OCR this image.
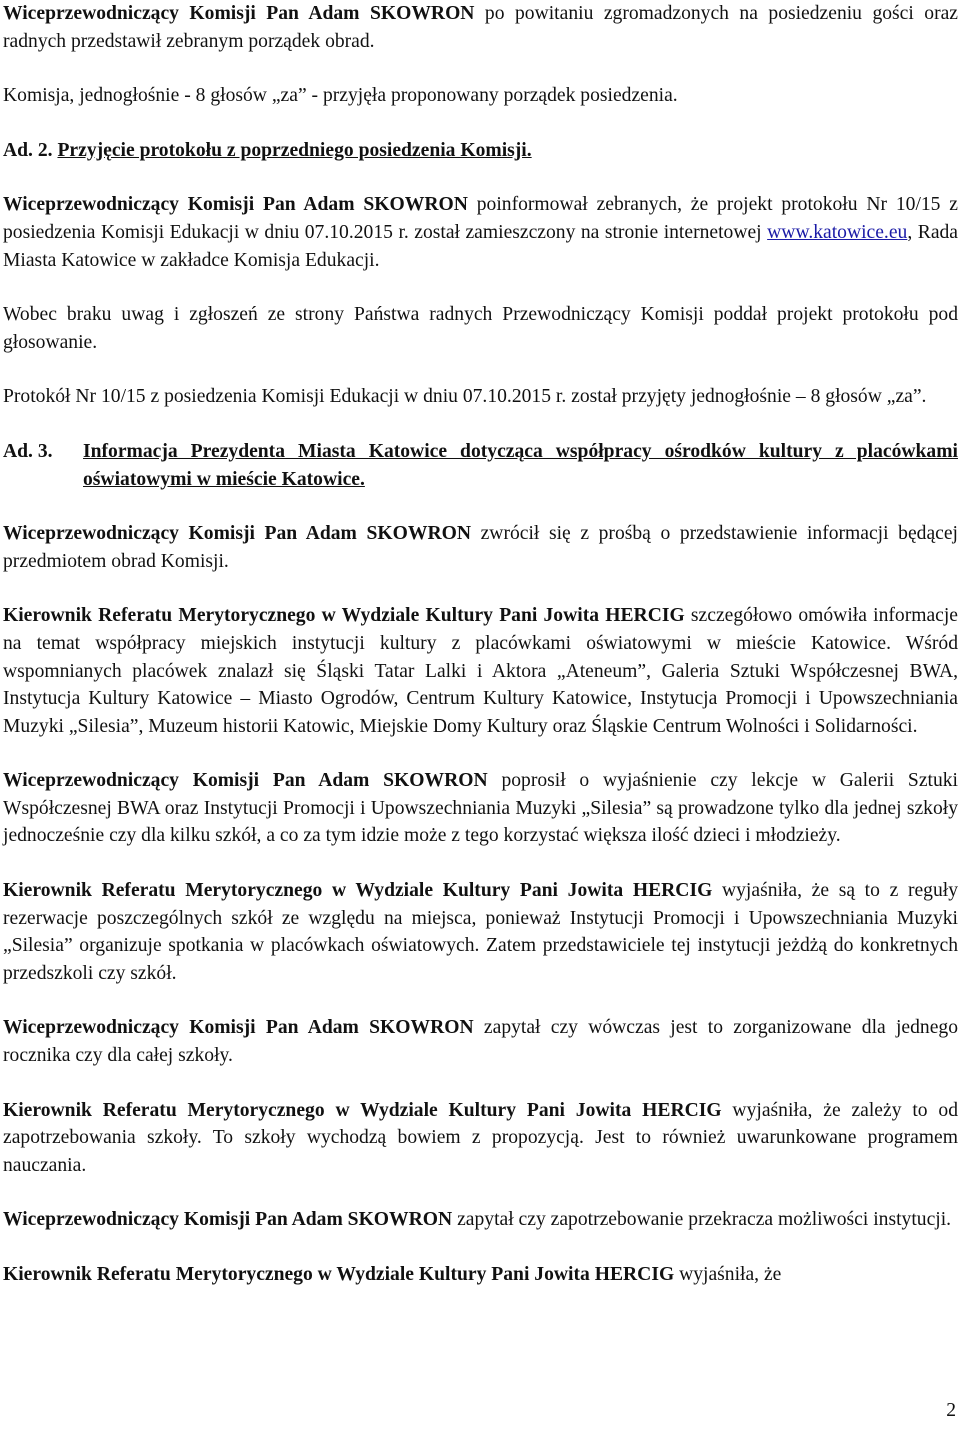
Wiceprzewodniczący Komisji Pan Adam SKOWRON po powitaniu zgromadzonych na posiedzeniu gości oraz radnych przedstawił zebranym porządek obrad.

Komisja, jednogłośnie - 8 głosów „za” - przyjęła proponowany porządek posiedzenia.

Ad. 2. Przyjęcie protokołu z poprzedniego posiedzenia Komisji.

Wiceprzewodniczący Komisji Pan Adam SKOWRON poinformował zebranych, że projekt protokołu Nr 10/15 z posiedzenia Komisji Edukacji w dniu 07.10.2015 r. został zamieszczony na stronie internetowej www.katowice.eu, Rada Miasta Katowice w zakładce Komisja Edukacji.

Wobec braku uwag i zgłoszeń ze strony Państwa radnych Przewodniczący Komisji poddał projekt protokołu pod głosowanie.

Protokół Nr 10/15 z posiedzenia Komisji Edukacji w dniu 07.10.2015 r. został przyjęty jednogłośnie – 8 głosów „za”.

Ad. 3.	Informacja Prezydenta Miasta Katowice dotycząca współpracy ośrodków kultury z placówkami oświatowymi w mieście Katowice.

Wiceprzewodniczący Komisji Pan Adam SKOWRON zwrócił się z prośbą o przedstawienie informacji będącej przedmiotem obrad Komisji.

Kierownik Referatu Merytorycznego w Wydziale Kultury Pani Jowita HERCIG szczegółowo omówiła informacje na temat współpracy miejskich instytucji kultury z placówkami oświatowymi w mieście Katowice. Wśród wspomnianych placówek znalazł się Śląski Tatar Lalki i Aktora „Ateneum”, Galeria Sztuki Współczesnej BWA, Instytucja Kultury Katowice – Miasto Ogrodów, Centrum Kultury Katowice, Instytucja Promocji i Upowszechniania Muzyki „Silesia”, Muzeum historii Katowic, Miejskie Domy Kultury oraz Śląskie Centrum Wolności i Solidarności.

Wiceprzewodniczący Komisji Pan Adam SKOWRON poprosił o wyjaśnienie czy lekcje w Galerii Sztuki Współczesnej BWA oraz Instytucji Promocji i Upowszechniania Muzyki „Silesia” są prowadzone tylko dla jednej szkoły jednocześnie czy dla kilku szkół, a co za tym idzie może z tego korzystać większa ilość dzieci i młodzieży.

Kierownik Referatu Merytorycznego w Wydziale Kultury Pani Jowita HERCIG wyjaśniła, że są to z reguły rezerwacje poszczególnych szkół ze względu na miejsca, ponieważ Instytucji Promocji i Upowszechniania Muzyki „Silesia” organizuje spotkania w placówkach oświatowych. Zatem przedstawiciele tej instytucji jeżdżą do konkretnych przedszkoli czy szkół.

Wiceprzewodniczący Komisji Pan Adam SKOWRON zapytał czy wówczas jest to zorganizowane dla jednego rocznika czy dla całej szkoły.

Kierownik Referatu Merytorycznego w Wydziale Kultury Pani Jowita HERCIG wyjaśniła, że zależy to od zapotrzebowania szkoły. To szkoły wychodzą bowiem z propozycją. Jest to również uwarunkowane programem nauczania.

Wiceprzewodniczący Komisji Pan Adam SKOWRON zapytał czy zapotrzebowanie przekracza możliwości instytucji.

Kierownik Referatu Merytorycznego w Wydziale Kultury Pani Jowita HERCIG wyjaśniła, że

2
